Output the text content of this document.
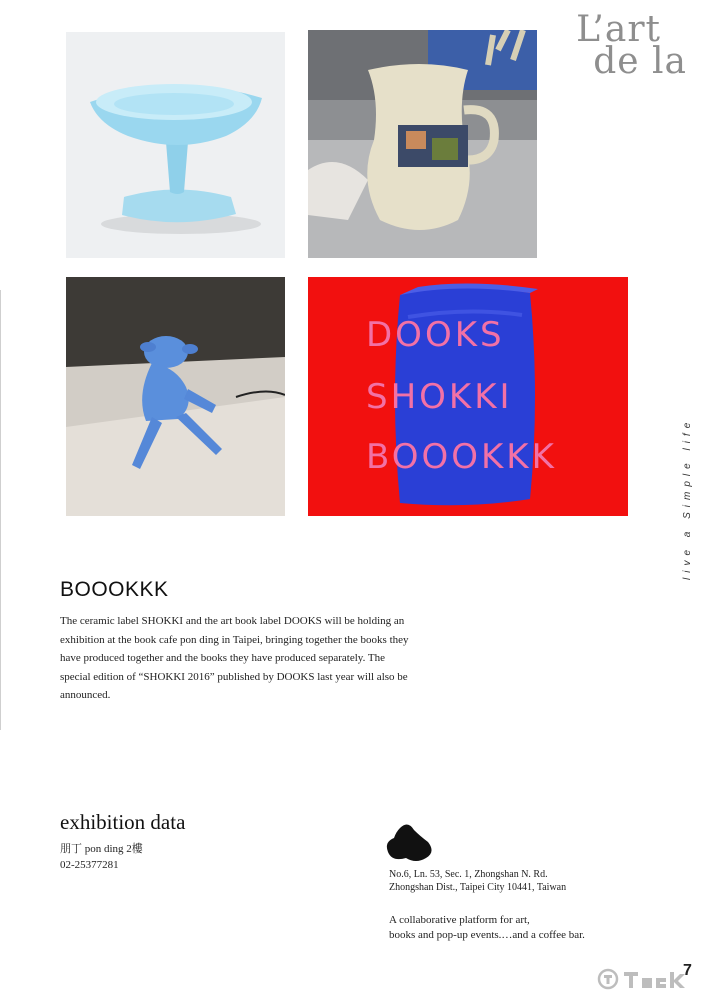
DOOKS
SHOKKI
BOOOKKK
L’art
de la
live a Simple life
BOOOKKK
The ceramic label SHOKKI and the art book label DOOKS will be holding an exhibition at the book cafe pon ding in Taipei, bringing together the books they have produced together and the books they have produced separately. The special edition of “SHOKKI 2016” published by DOOKS last year will also be announced.
exhibition data
朋丁 pon ding 2樓
02-25377281
No.6, Ln. 53, Sec. 1, Zhongshan N. Rd.
Zhongshan Dist., Taipei City 10441, Taiwan
A collaborative platform for art,
books and pop-up events.…and a coffee bar.
7
